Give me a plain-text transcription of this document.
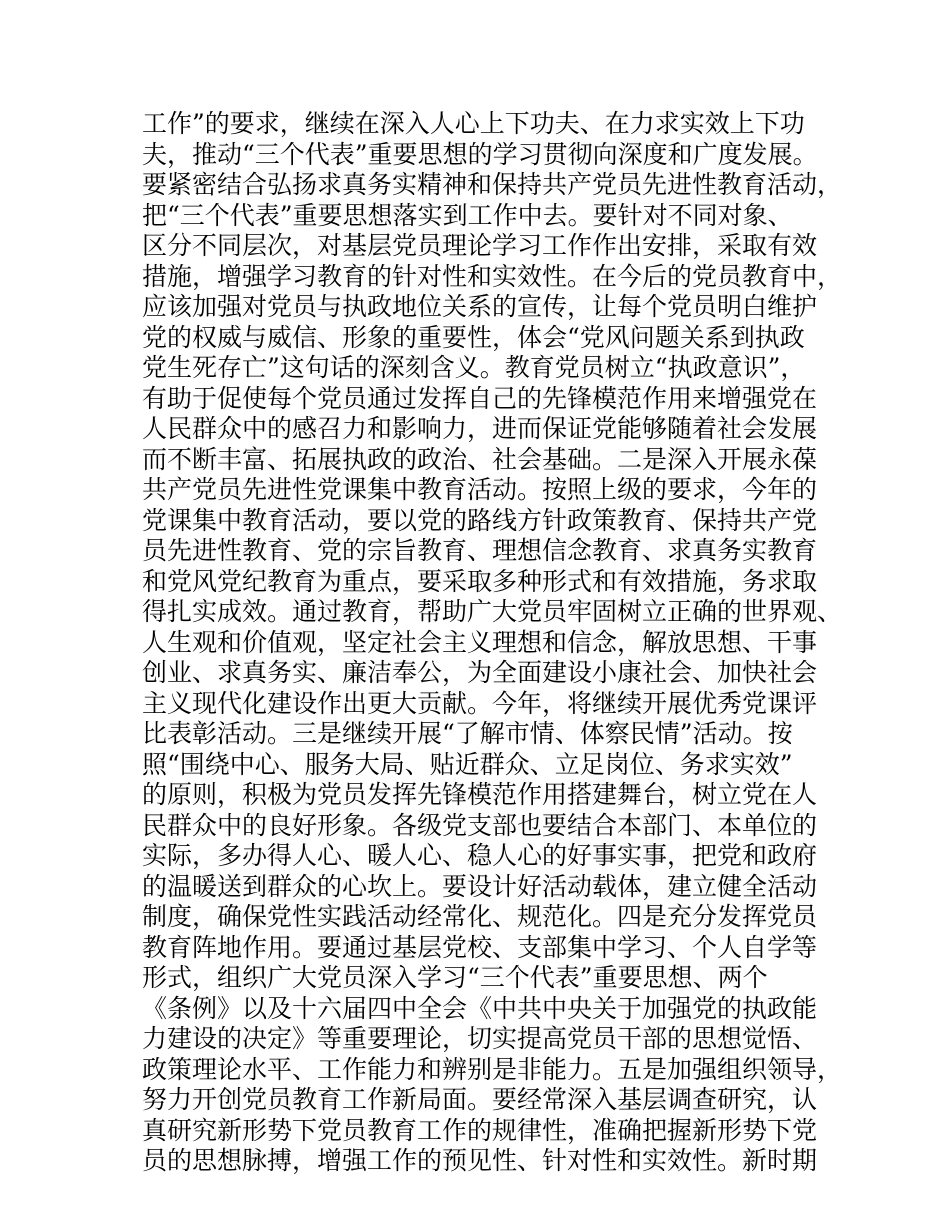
工作”的要求，继续在深入人心上下功夫、在力求实效上下功
夫，推动“三个代表”重要思想的学习贯彻向深度和广度发展。
要紧密结合弘扬求真务实精神和保持共产党员先进性教育活动，
把“三个代表”重要思想落实到工作中去。要针对不同对象、
区分不同层次，对基层党员理论学习工作作出安排，采取有效
措施，增强学习教育的针对性和实效性。在今后的党员教育中，
应该加强对党员与执政地位关系的宣传，让每个党员明白维护
党的权威与威信、形象的重要性，体会“党风问题关系到执政
党生死存亡”这句话的深刻含义。教育党员树立“执政意识”，
有助于促使每个党员通过发挥自己的先锋模范作用来增强党在
人民群众中的感召力和影响力，进而保证党能够随着社会发展
而不断丰富、拓展执政的政治、社会基础。二是深入开展永葆
共产党员先进性党课集中教育活动。按照上级的要求，今年的
党课集中教育活动，要以党的路线方针政策教育、保持共产党
员先进性教育、党的宗旨教育、理想信念教育、求真务实教育
和党风党纪教育为重点，要采取多种形式和有效措施，务求取
得扎实成效。通过教育，帮助广大党员牢固树立正确的世界观、
人生观和价值观，坚定社会主义理想和信念，解放思想、干事
创业、求真务实、廉洁奉公，为全面建设小康社会、加快社会
主义现代化建设作出更大贡献。今年，将继续开展优秀党课评
比表彰活动。三是继续开展“了解市情、体察民情”活动。按
照“围绕中心、服务大局、贴近群众、立足岗位、务求实效”
的原则，积极为党员发挥先锋模范作用搭建舞台，树立党在人
民群众中的良好形象。各级党支部也要结合本部门、本单位的
实际，多办得人心、暖人心、稳人心的好事实事，把党和政府
的温暖送到群众的心坎上。要设计好活动载体，建立健全活动
制度，确保党性实践活动经常化、规范化。四是充分发挥党员
教育阵地作用。要通过基层党校、支部集中学习、个人自学等
形式，组织广大党员深入学习“三个代表”重要思想、两个
《条例》以及十六届四中全会《中共中央关于加强党的执政能
力建设的决定》等重要理论，切实提高党员干部的思想觉悟、
政策理论水平、工作能力和辨别是非能力。五是加强组织领导，
努力开创党员教育工作新局面。要经常深入基层调查研究，认
真研究新形势下党员教育工作的规律性，准确把握新形势下党
员的思想脉搏，增强工作的预见性、针对性和实效性。新时期
